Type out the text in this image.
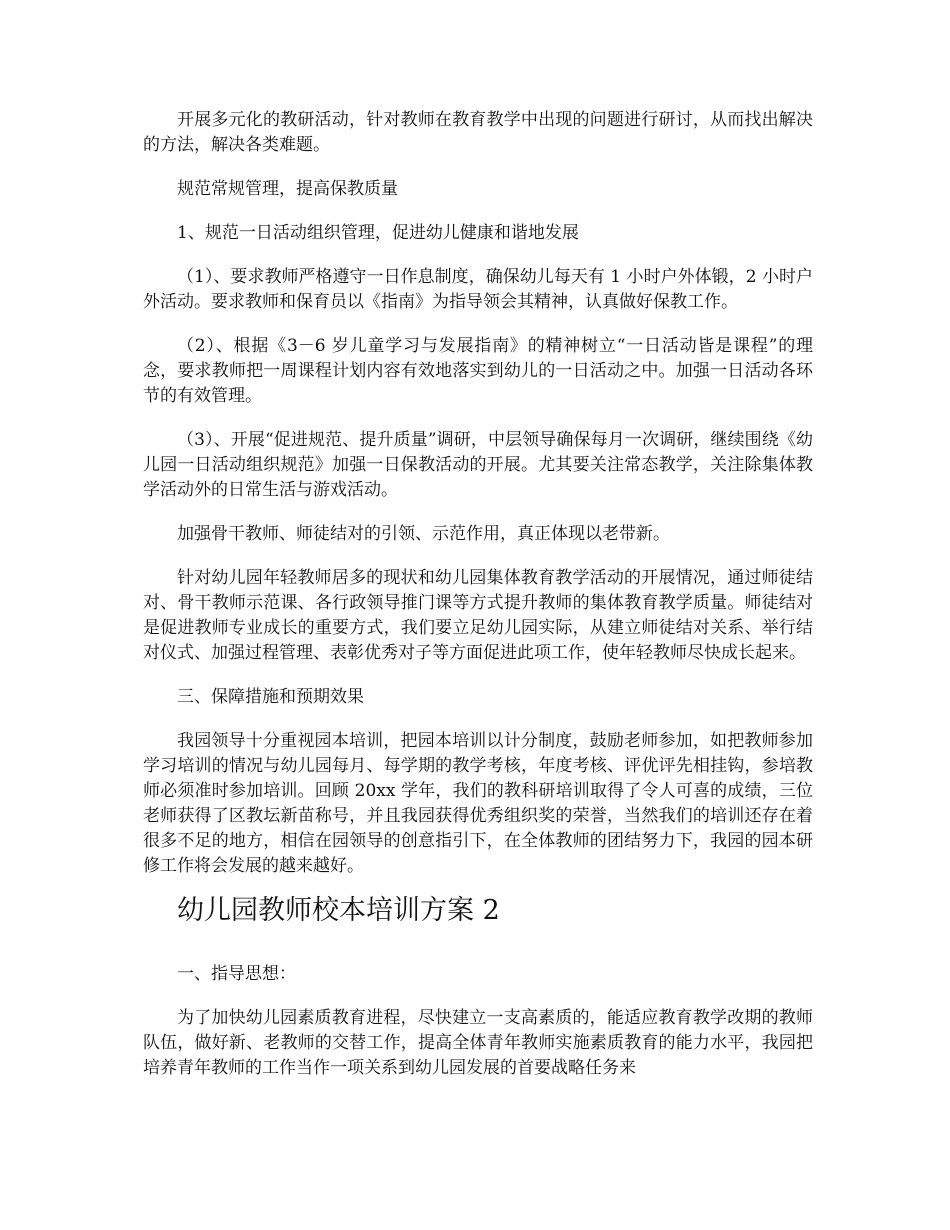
开展多元化的教研活动，针对教师在教育教学中出现的问题进行研讨，从而找出解决的方法，解决各类难题。

规范常规管理，提高保教质量

1、规范一日活动组织管理，促进幼儿健康和谐地发展

（1）、要求教师严格遵守一日作息制度，确保幼儿每天有 1 小时户外体锻，2 小时户外活动。要求教师和保育员以《指南》为指导领会其精神，认真做好保教工作。

（2）、根据《3－6 岁儿童学习与发展指南》的精神树立“一日活动皆是课程”的理念，要求教师把一周课程计划内容有效地落实到幼儿的一日活动之中。加强一日活动各环节的有效管理。

（3）、开展“促进规范、提升质量”调研，中层领导确保每月一次调研，继续围绕《幼儿园一日活动组织规范》加强一日保教活动的开展。尤其要关注常态教学，关注除集体教学活动外的日常生活与游戏活动。

加强骨干教师、师徒结对的引领、示范作用，真正体现以老带新。

针对幼儿园年轻教师居多的现状和幼儿园集体教育教学活动的开展情况，通过师徒结对、骨干教师示范课、各行政领导推门课等方式提升教师的集体教育教学质量。师徒结对是促进教师专业成长的重要方式，我们要立足幼儿园实际，从建立师徒结对关系、举行结对仪式、加强过程管理、表彰优秀对子等方面促进此项工作，使年轻教师尽快成长起来。

三、保障措施和预期效果

我园领导十分重视园本培训，把园本培训以计分制度，鼓励老师参加，如把教师参加学习培训的情况与幼儿园每月、每学期的教学考核，年度考核、评优评先相挂钩，参培教师必须准时参加培训。回顾 20xx 学年，我们的教科研培训取得了令人可喜的成绩，三位老师获得了区教坛新苗称号，并且我园获得优秀组织奖的荣誉，当然我们的培训还存在着很多不足的地方，相信在园领导的创意指引下，在全体教师的团结努力下，我园的园本研修工作将会发展的越来越好。

幼儿园教师校本培训方案 2

一、指导思想：

为了加快幼儿园素质教育进程，尽快建立一支高素质的，能适应教育教学改期的教师队伍，做好新、老教师的交替工作，提高全体青年教师实施素质教育的能力水平，我园把培养青年教师的工作当作一项关系到幼儿园发展的首要战略任务来
